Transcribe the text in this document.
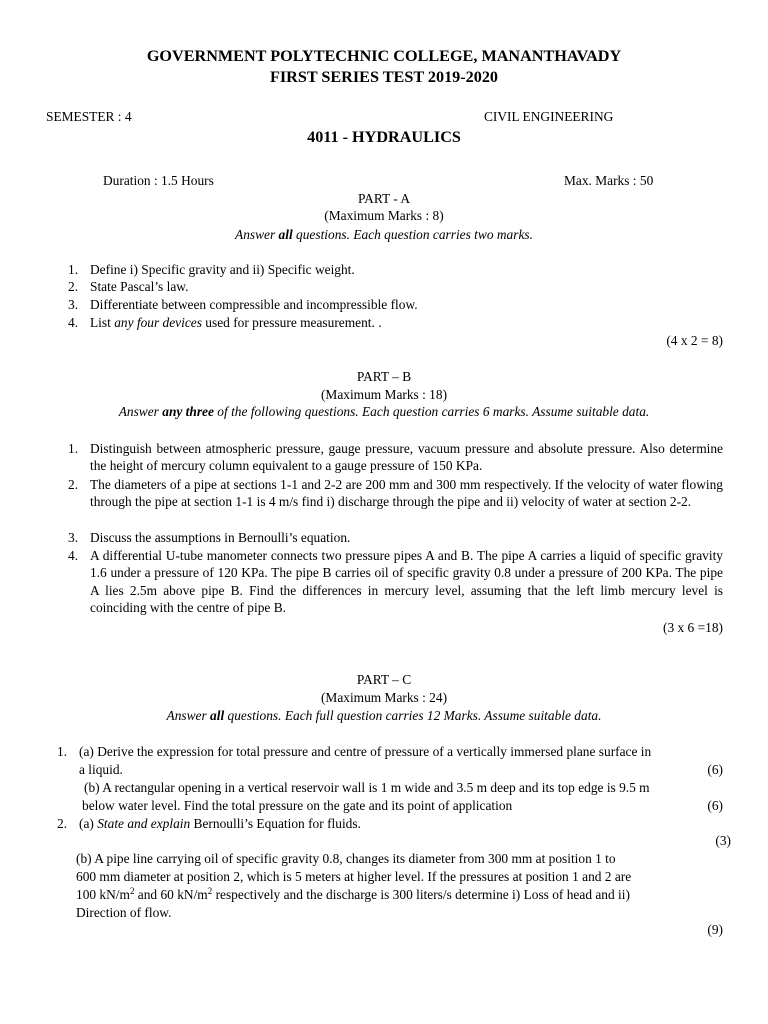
GOVERNMENT POLYTECHNIC COLLEGE, MANANTHAVADY
FIRST SERIES TEST 2019-2020
SEMESTER : 4	CIVIL ENGINEERING
4011 - HYDRAULICS
Duration : 1.5 Hours	Max. Marks : 50
PART - A
(Maximum Marks : 8)
Answer all questions. Each question carries two marks.
1. Define i) Specific gravity and ii) Specific weight.
2. State Pascal’s law.
3. Differentiate between compressible and incompressible flow.
4. List any four devices used for pressure measurement. .
(4 x 2 = 8)
PART – B
(Maximum Marks : 18)
Answer any three of the following questions. Each question carries 6 marks. Assume suitable data.
1. Distinguish between atmospheric pressure, gauge pressure, vacuum pressure and absolute pressure. Also determine the height of mercury column equivalent to a gauge pressure of 150 KPa.
2. The diameters of a pipe at sections 1-1 and 2-2 are 200 mm and 300 mm respectively. If the velocity of water flowing through the pipe at section 1-1 is 4 m/s find i) discharge through the pipe and ii) velocity of water at section 2-2.
3. Discuss the assumptions in Bernoulli’s equation.
4. A differential U-tube manometer connects two pressure pipes A and B. The pipe A carries a liquid of specific gravity 1.6 under a pressure of 120 KPa. The pipe B carries oil of specific gravity 0.8 under a pressure of 200 KPa. The pipe A lies 2.5m above pipe B. Find the differences in mercury level, assuming that the left limb mercury level is coinciding with the centre of pipe B.
(3 x 6 =18)
PART – C
(Maximum Marks : 24)
Answer all questions. Each full question carries 12 Marks. Assume suitable data.
1. (a) Derive the expression for total pressure and centre of pressure of a vertically immersed plane surface in
a liquid.	(6)
(b) A rectangular opening in a vertical reservoir wall is 1 m wide and 3.5 m deep and its top edge is 9.5 m
below water level. Find the total pressure on the gate and its point of application	(6)
2. (a) State and explain Bernoulli’s Equation for fluids.
(3)
(b) A pipe line carrying oil of specific gravity 0.8, changes its diameter from 300 mm at position 1 to
600 mm diameter at position 2, which is 5 meters at higher level. If the pressures at position 1 and 2 are
100 $kN/m^2$ and 60 $kN/m^2$ respectively and the discharge is 300 liters/s determine i) Loss of head and ii)
Direction of flow.
(9)
